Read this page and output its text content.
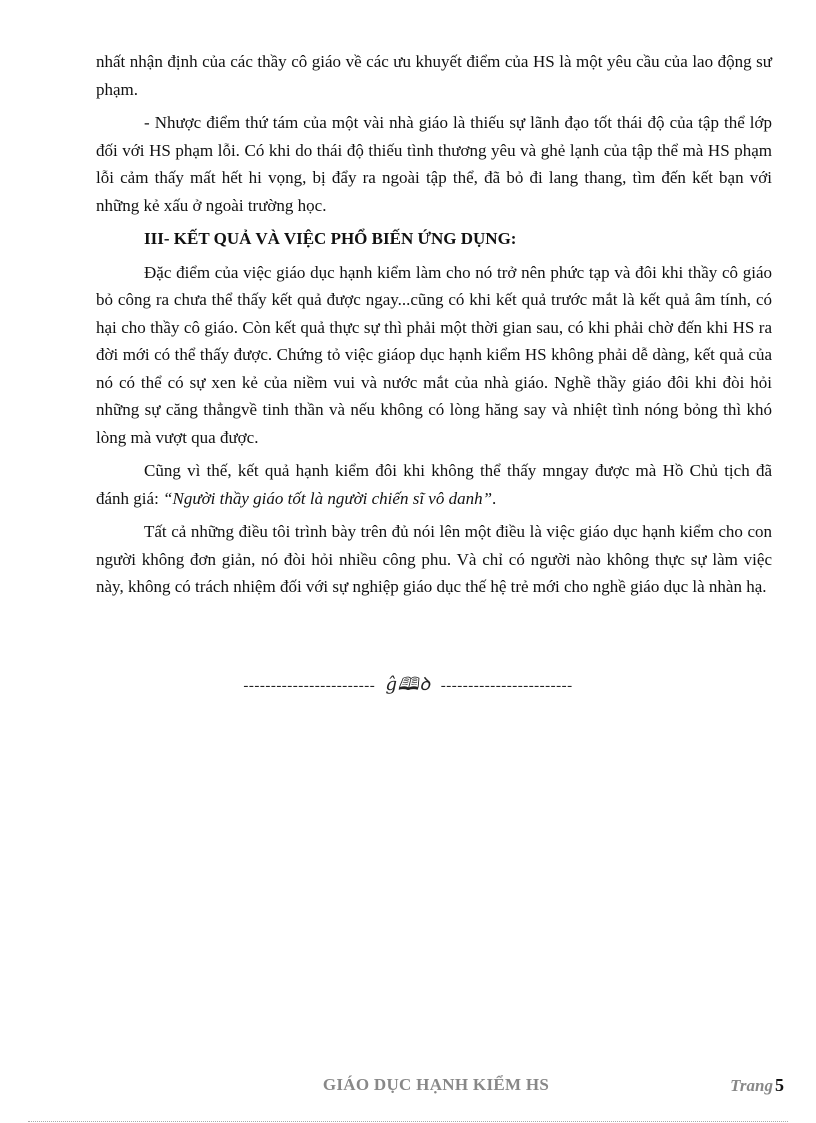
nhất nhận định của các thầy cô giáo về các ưu khuyết điểm của HS là một yêu cầu của lao động sư phạm.

- Nhược điểm thứ tám của một vài nhà giáo là thiếu sự lãnh đạo tốt thái độ của tập thể lớp đối với HS phạm lỗi. Có khi do thái độ thiếu tình thương yêu và ghẻ lạnh của tập thể mà HS phạm lỗi cảm thấy mất hết hi vọng, bị đẩy ra ngoài tập thể, đã bỏ đi lang thang, tìm đến kết bạn với những kẻ xấu ở ngoài trường học.

III- KẾT QUẢ VÀ VIỆC PHỔ BIẾN ỨNG DỤNG:

Đặc điểm của việc giáo dục hạnh kiểm làm cho nó trở nên phức tạp và đôi khi thầy cô giáo bỏ công ra chưa thể thấy kết quả được ngay...cũng có khi kết quả trước mắt là kết quả âm tính, có hại cho thầy cô giáo. Còn kết quả thực sự thì phải một thời gian sau, có khi phải chờ đến khi HS ra đời mới có thể thấy được. Chứng tỏ việc giáop dục hạnh kiểm HS không phải dễ dàng, kết quả của nó có thể có sự xen kẻ của niềm vui và nước mắt của nhà giáo. Nghề thầy giáo đôi khi đòi hỏi những sự căng thẳngvề tinh thần và nếu không có lòng hăng say và nhiệt tình nóng bỏng thì khó lòng mà vượt qua được.

Cũng vì thế, kết quả hạnh kiểm đôi khi không thể thấy mngay được mà Hồ Chủ tịch đã đánh giá: “Người thầy giáo tốt là người chiến sĩ vô danh”.

Tất cả những điều tôi trình bày trên đủ nói lên một điều là việc giáo dục hạnh kiểm cho con người không đơn giản, nó đòi hỏi nhiều công phu. Và chỉ có người nào không thực sự làm việc này, không có trách nhiệm đối với sự nghiệp giáo dục thế hệ trẻ mới cho nghề giáo dục là nhàn hạ.

------------------------ ĝ🕮ꝺ ------------------------
GIÁO DỤC HẠNH KIỂM HS	Trang 5
